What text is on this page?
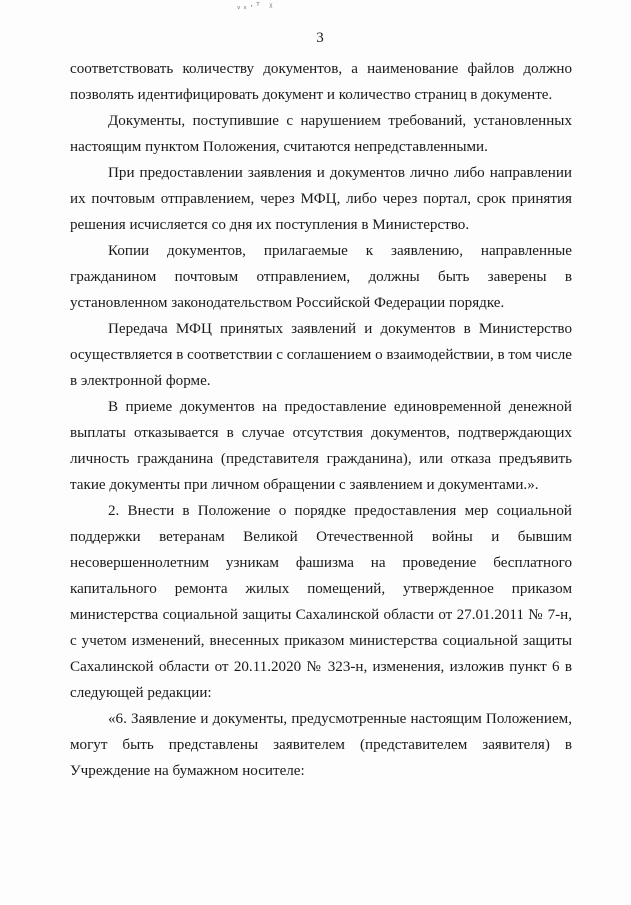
ᵥₛ·ᵀ ᵡ
3

соответствовать количеству документов, а наименование файлов должно позволять идентифицировать документ и количество страниц в документе.

Документы, поступившие с нарушением требований, установленных настоящим пунктом Положения, считаются непредставленными.

При предоставлении заявления и документов лично либо направлении их почтовым отправлением, через МФЦ, либо через портал, срок принятия решения исчисляется со дня их поступления в Министерство.

Копии документов, прилагаемые к заявлению, направленные гражданином почтовым отправлением, должны быть заверены в установленном законодательством Российской Федерации порядке.

Передача МФЦ принятых заявлений и документов в Министерство осуществляется в соответствии с соглашением о взаимодействии, в том числе в электронной форме.

В приеме документов на предоставление единовременной денежной выплаты отказывается в случае отсутствия документов, подтверждающих личность гражданина (представителя гражданина), или отказа предъявить такие документы при личном обращении с заявлением и документами.».

2. Внести в Положение о порядке предоставления мер социальной поддержки ветеранам Великой Отечественной войны и бывшим несовершеннолетним узникам фашизма на проведение бесплатного капитального ремонта жилых помещений, утвержденное приказом министерства социальной защиты Сахалинской области от 27.01.2011 № 7-н, с учетом изменений, внесенных приказом министерства социальной защиты Сахалинской области от 20.11.2020 № 323-н, изменения, изложив пункт 6 в следующей редакции:

«6. Заявление и документы, предусмотренные настоящим Положением, могут быть представлены заявителем (представителем заявителя) в Учреждение на бумажном носителе:
